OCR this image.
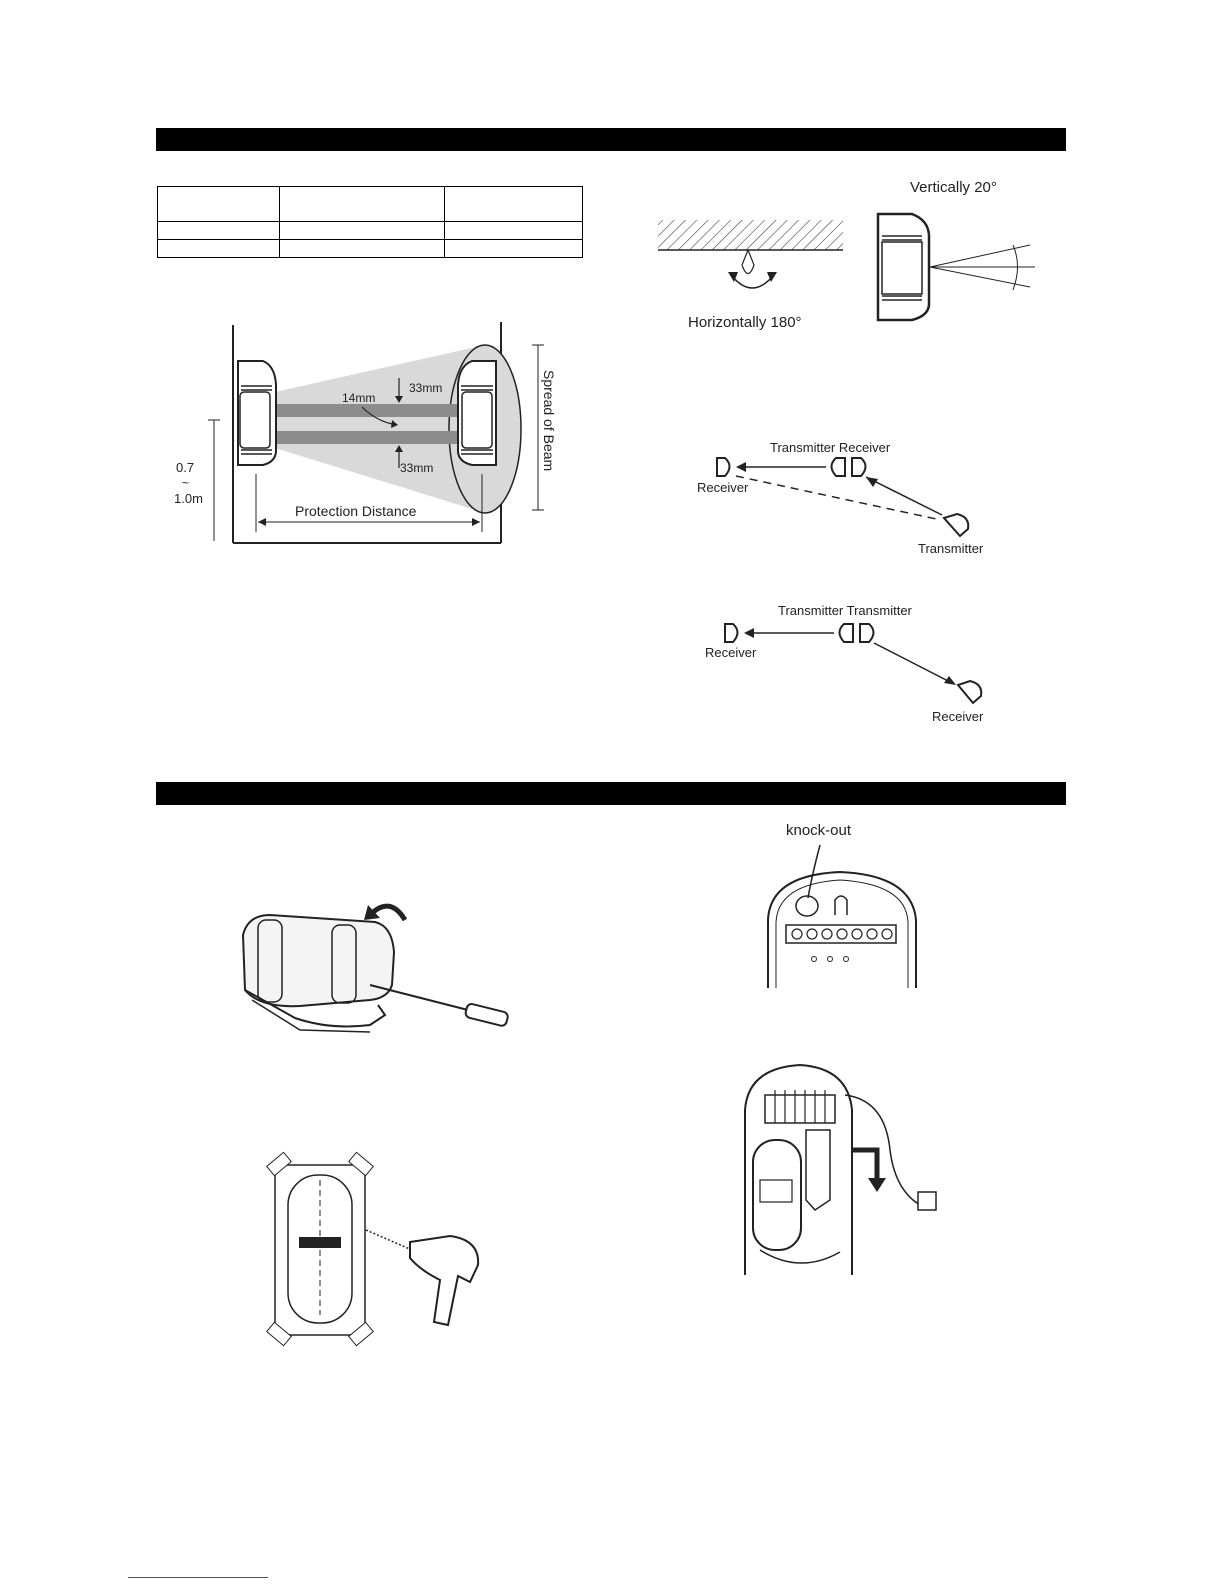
33mm
14mm
33mm
0.7
~
1.0m
Protection Distance
Spread of Beam
Vertically 20°
Horizontally 180°
Transmitter Receiver
Receiver
Transmitter
Transmitter Transmitter
Receiver
Receiver
knock-out
